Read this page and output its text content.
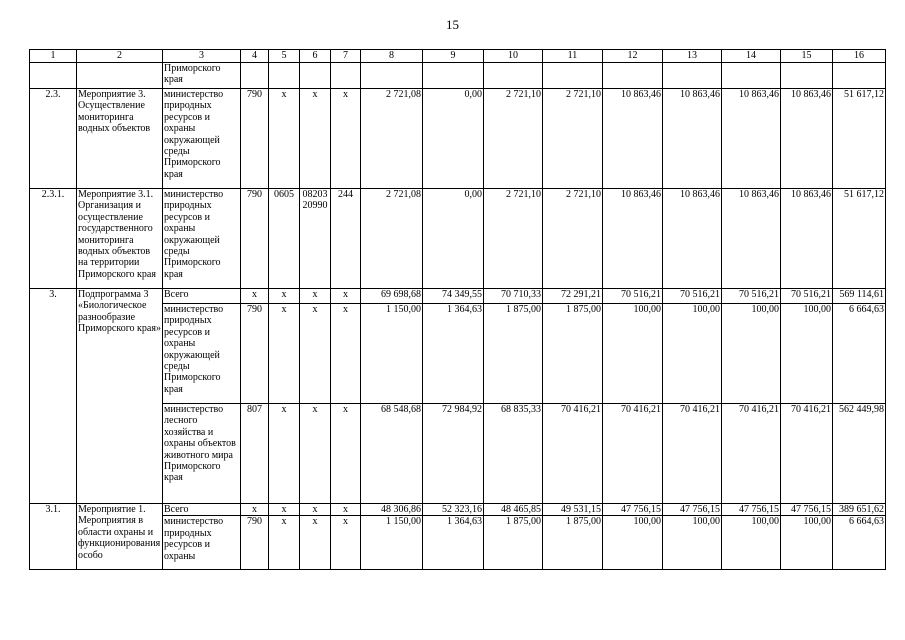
15
1	2	3	4	5	6	7	8	9	10	11	12	13	14	15	16
		Приморского края													
2.3.	Мероприятие 3. Осуществление мониторинга водных объектов	министерство природных ресурсов и охраны окружающей среды Приморского края	790	x	x	x	2 721,08	0,00	2 721,10	2 721,10	10 863,46	10 863,46	10 863,46	10 863,46	51 617,12
2.3.1.	Мероприятие 3.1. Организация и осуществление государственного мониторинга водных объектов на территории Приморского края	министерство природных ресурсов и охраны окружающей среды Приморского края	790	0605	08203 20990	244	2 721,08	0,00	2 721,10	2 721,10	10 863,46	10 863,46	10 863,46	10 863,46	51 617,12
3.	Подпрограмма 3 «Биологическое разнообразие Приморского края»	Всего	x	x	x	x	69 698,68	74 349,55	70 710,33	72 291,21	70 516,21	70 516,21	70 516,21	70 516,21	569 114,61
		министерство природных ресурсов и охраны окружающей среды Приморского края	790	x	x	x	1 150,00	1 364,63	1 875,00	1 875,00	100,00	100,00	100,00	100,00	6 664,63
		министерство лесного хозяйства и охраны объектов животного мира Приморского края	807	x	x	x	68 548,68	72 984,92	68 835,33	70 416,21	70 416,21	70 416,21	70 416,21	70 416,21	562 449,98
3.1.	Мероприятие 1. Мероприятия в области охраны и функционирования особо	Всего	x	x	x	x	48 306,86	52 323,16	48 465,85	49 531,15	47 756,15	47 756,15	47 756,15	47 756,15	389 651,62
		министерство природных ресурсов и охраны	790	x	x	x	1 150,00	1 364,63	1 875,00	1 875,00	100,00	100,00	100,00	100,00	6 664,63
